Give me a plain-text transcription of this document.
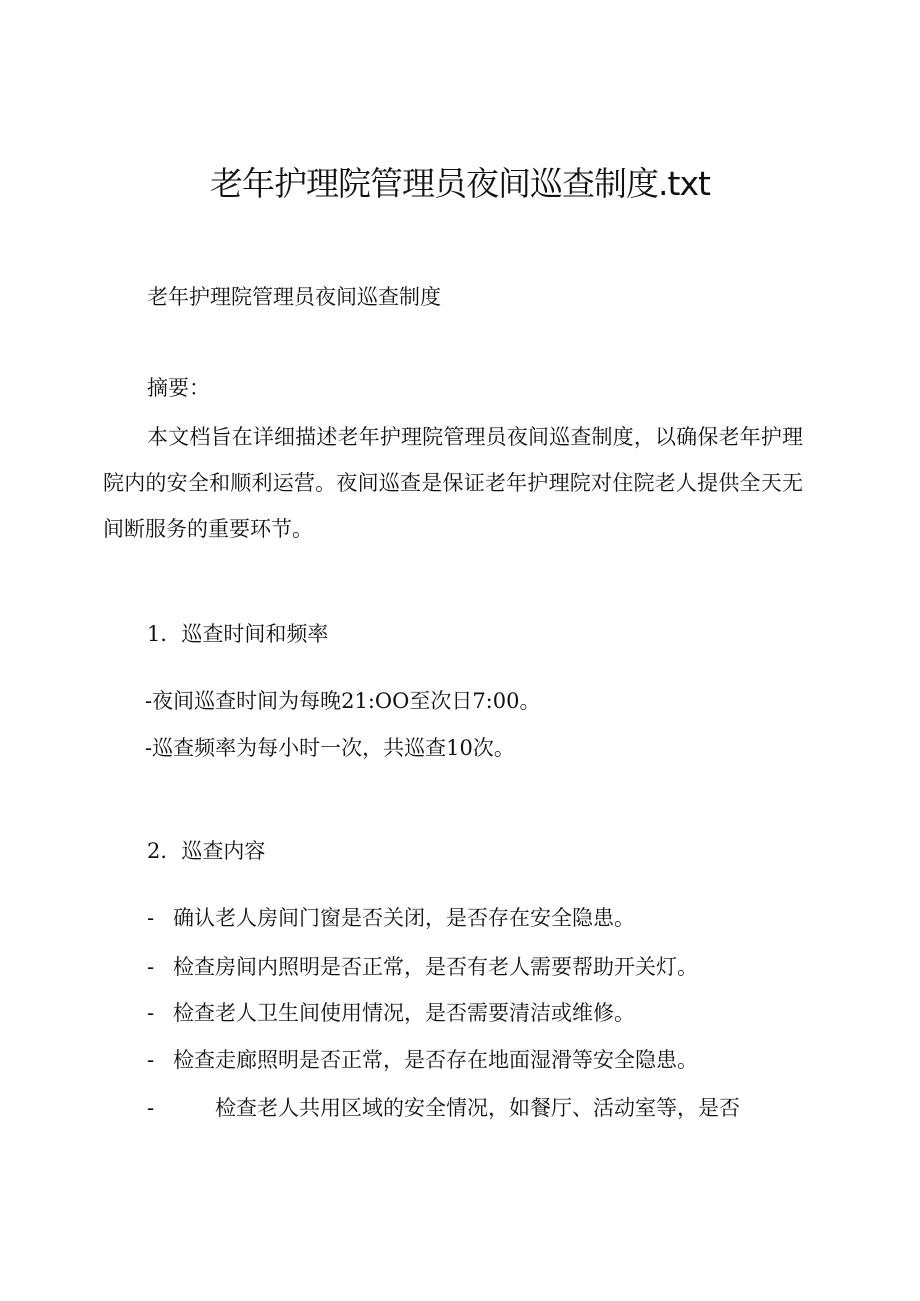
老年护理院管理员夜间巡查制度.txt
老年护理院管理员夜间巡查制度
摘要：
本文档旨在详细描述老年护理院管理员夜间巡查制度，以确保老年护理院内的安全和顺利运营。夜间巡查是保证老年护理院对住院老人提供全天无间断服务的重要环节。
1．巡查时间和频率
-夜间巡查时间为每晚21:OO至次日7:00。
-巡查频率为每小时一次，共巡查10次。
2．巡查内容
- 确认老人房间门窗是否关闭，是否存在安全隐患。
- 检查房间内照明是否正常，是否有老人需要帮助开关灯。
- 检查老人卫生间使用情况，是否需要清洁或维修。
- 检查走廊照明是否正常，是否存在地面湿滑等安全隐患。
-	检查老人共用区域的安全情况，如餐厅、活动室等，是否
